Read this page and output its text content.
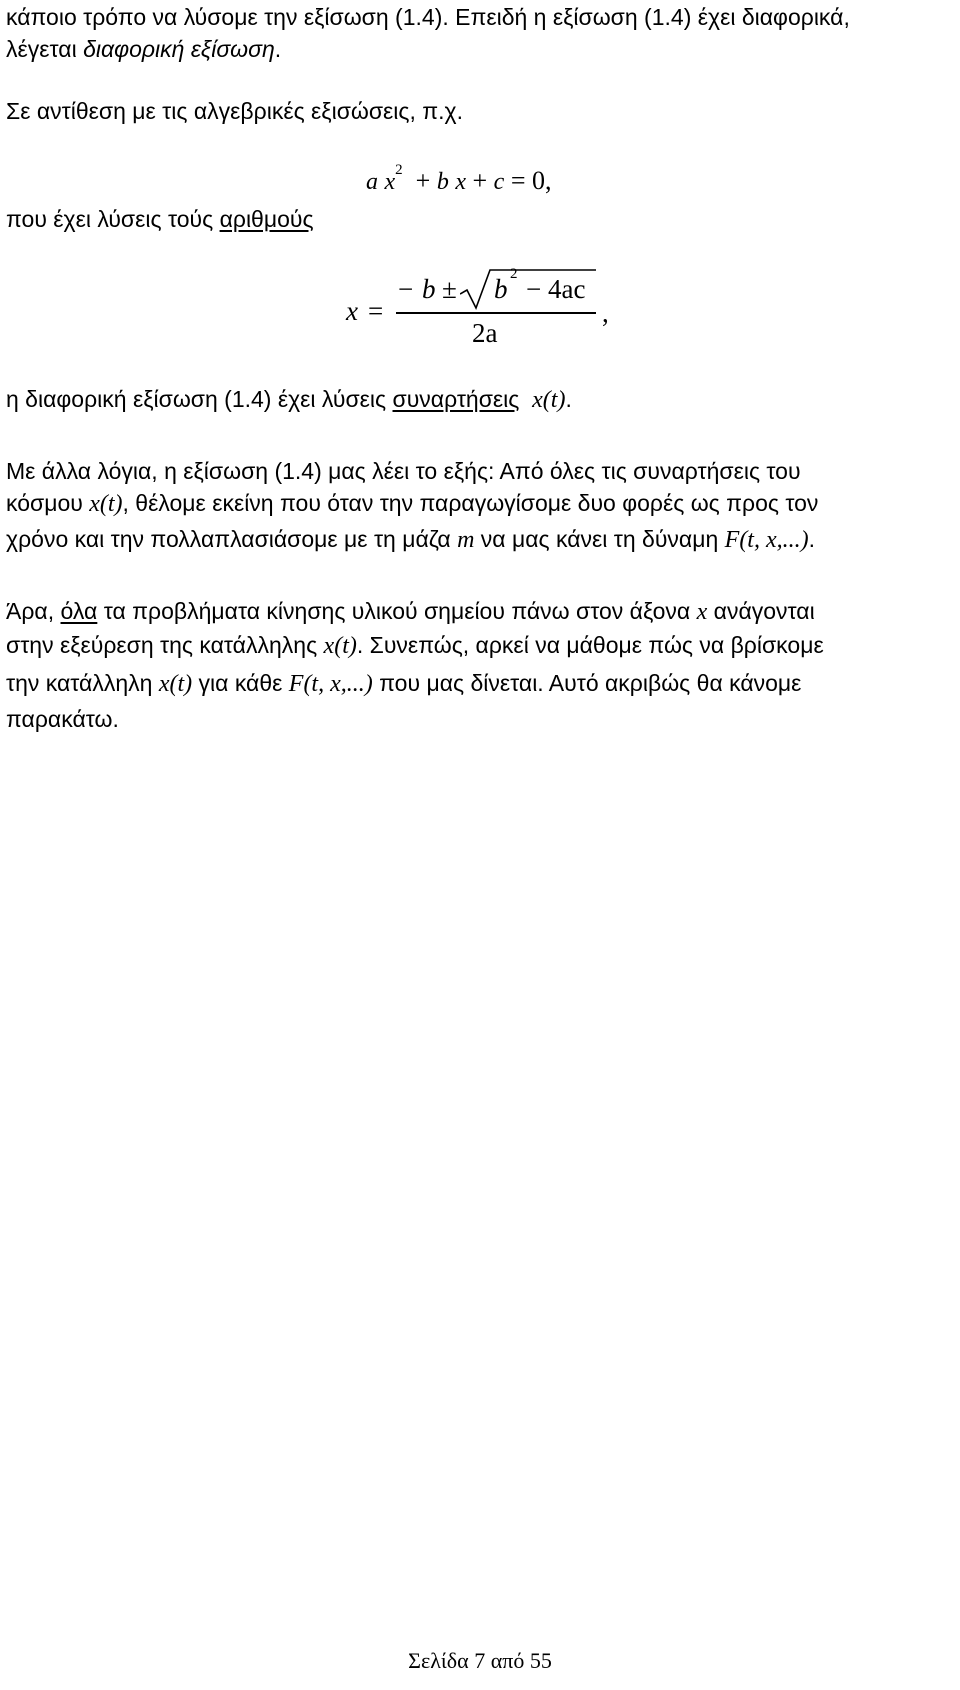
κάποιο τρόπο να λύσομε την εξίσωση (1.4). Επειδή η εξίσωση (1.4) έχει διαφορικά,
λέγεται διαφορική εξίσωση.
Σε αντίθεση με τις αλγεβρικές εξισώσεις, π.χ.
a $x^2 + b$ x + c = 0,
που έχει λύσεις τούς αριθμούς
x =
− b ± b 2 − 4ac
2a
,
η διαφορική εξίσωση (1.4) έχει λύσεις συναρτήσεις x(t).
Με άλλα λόγια, η εξίσωση (1.4) μας λέει το εξής: Από όλες τις συναρτήσεις του
κόσμου x(t), θέλομε εκείνη που όταν την παραγωγίσομε δυο φορές ως προς τον
χρόνο και την πολλαπλασιάσομε με τη μάζα m να μας κάνει τη δύναμη F(t, x,...).
Άρα, όλα τα προβλήματα κίνησης υλικού σημείου πάνω στον άξονα x ανάγονται
στην εξεύρεση της κατάλληλης x(t). Συνεπώς, αρκεί να μάθομε πώς να βρίσκομε
την κατάλληλη x(t) για κάθε F(t, x,...) που μας δίνεται. Αυτό ακριβώς θα κάνομε
παρακάτω.
Σελίδα 7 από 55
